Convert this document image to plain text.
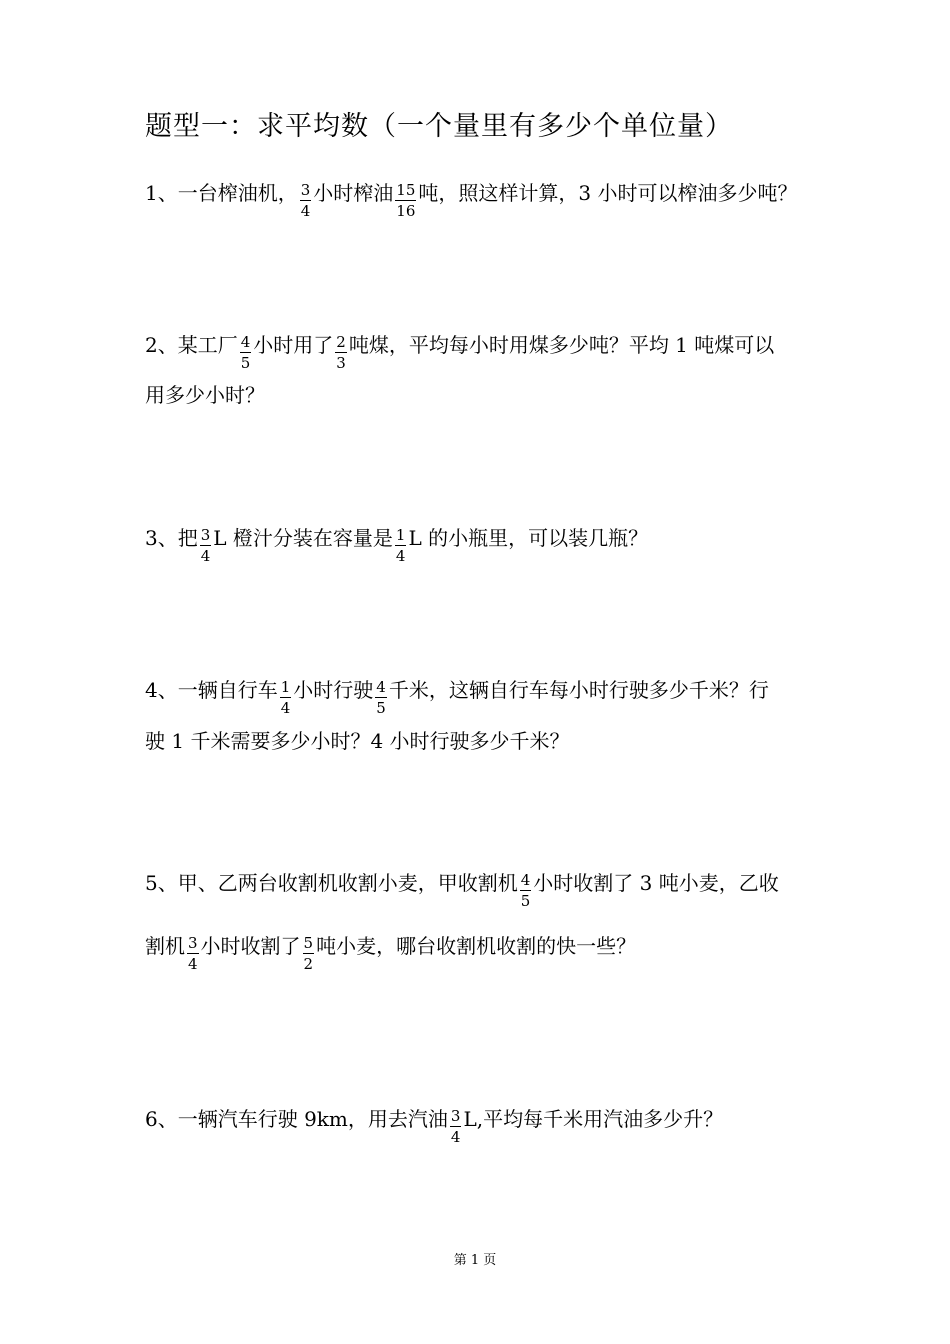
题型一：求平均数（一个量里有多少个单位量）
1、一台榨油机， $\frac{3}{4}$ 小时榨油 $\frac{15}{16}$ 吨，照这样计算，3 小时可以榨油多少吨？
2、某工厂 $\frac{4}{5}$ 小时用了 $\frac{2}{3}$ 吨煤，平均每小时用煤多少吨？平均 1 吨煤可以
用多少小时？
3、把 $\frac{3}{4}$ L 橙汁分装在容量是 $\frac{1}{4}$ L 的小瓶里，可以装几瓶？
4、一辆自行车 $\frac{1}{4}$ 小时行驶 $\frac{4}{5}$ 千米，这辆自行车每小时行驶多少千米？行
驶 1 千米需要多少小时？4 小时行驶多少千米？
5、甲、乙两台收割机收割小麦，甲收割机 $\frac{4}{5}$ 小时收割了 3 吨小麦，乙收
割机 $\frac{3}{4}$ 小时收割了 $\frac{5}{2}$ 吨小麦，哪台收割机收割的快一些？
6、一辆汽车行驶 9km，用去汽油 $\frac{3}{4} L$,平均每千米用汽油多少升？
第 1 页
